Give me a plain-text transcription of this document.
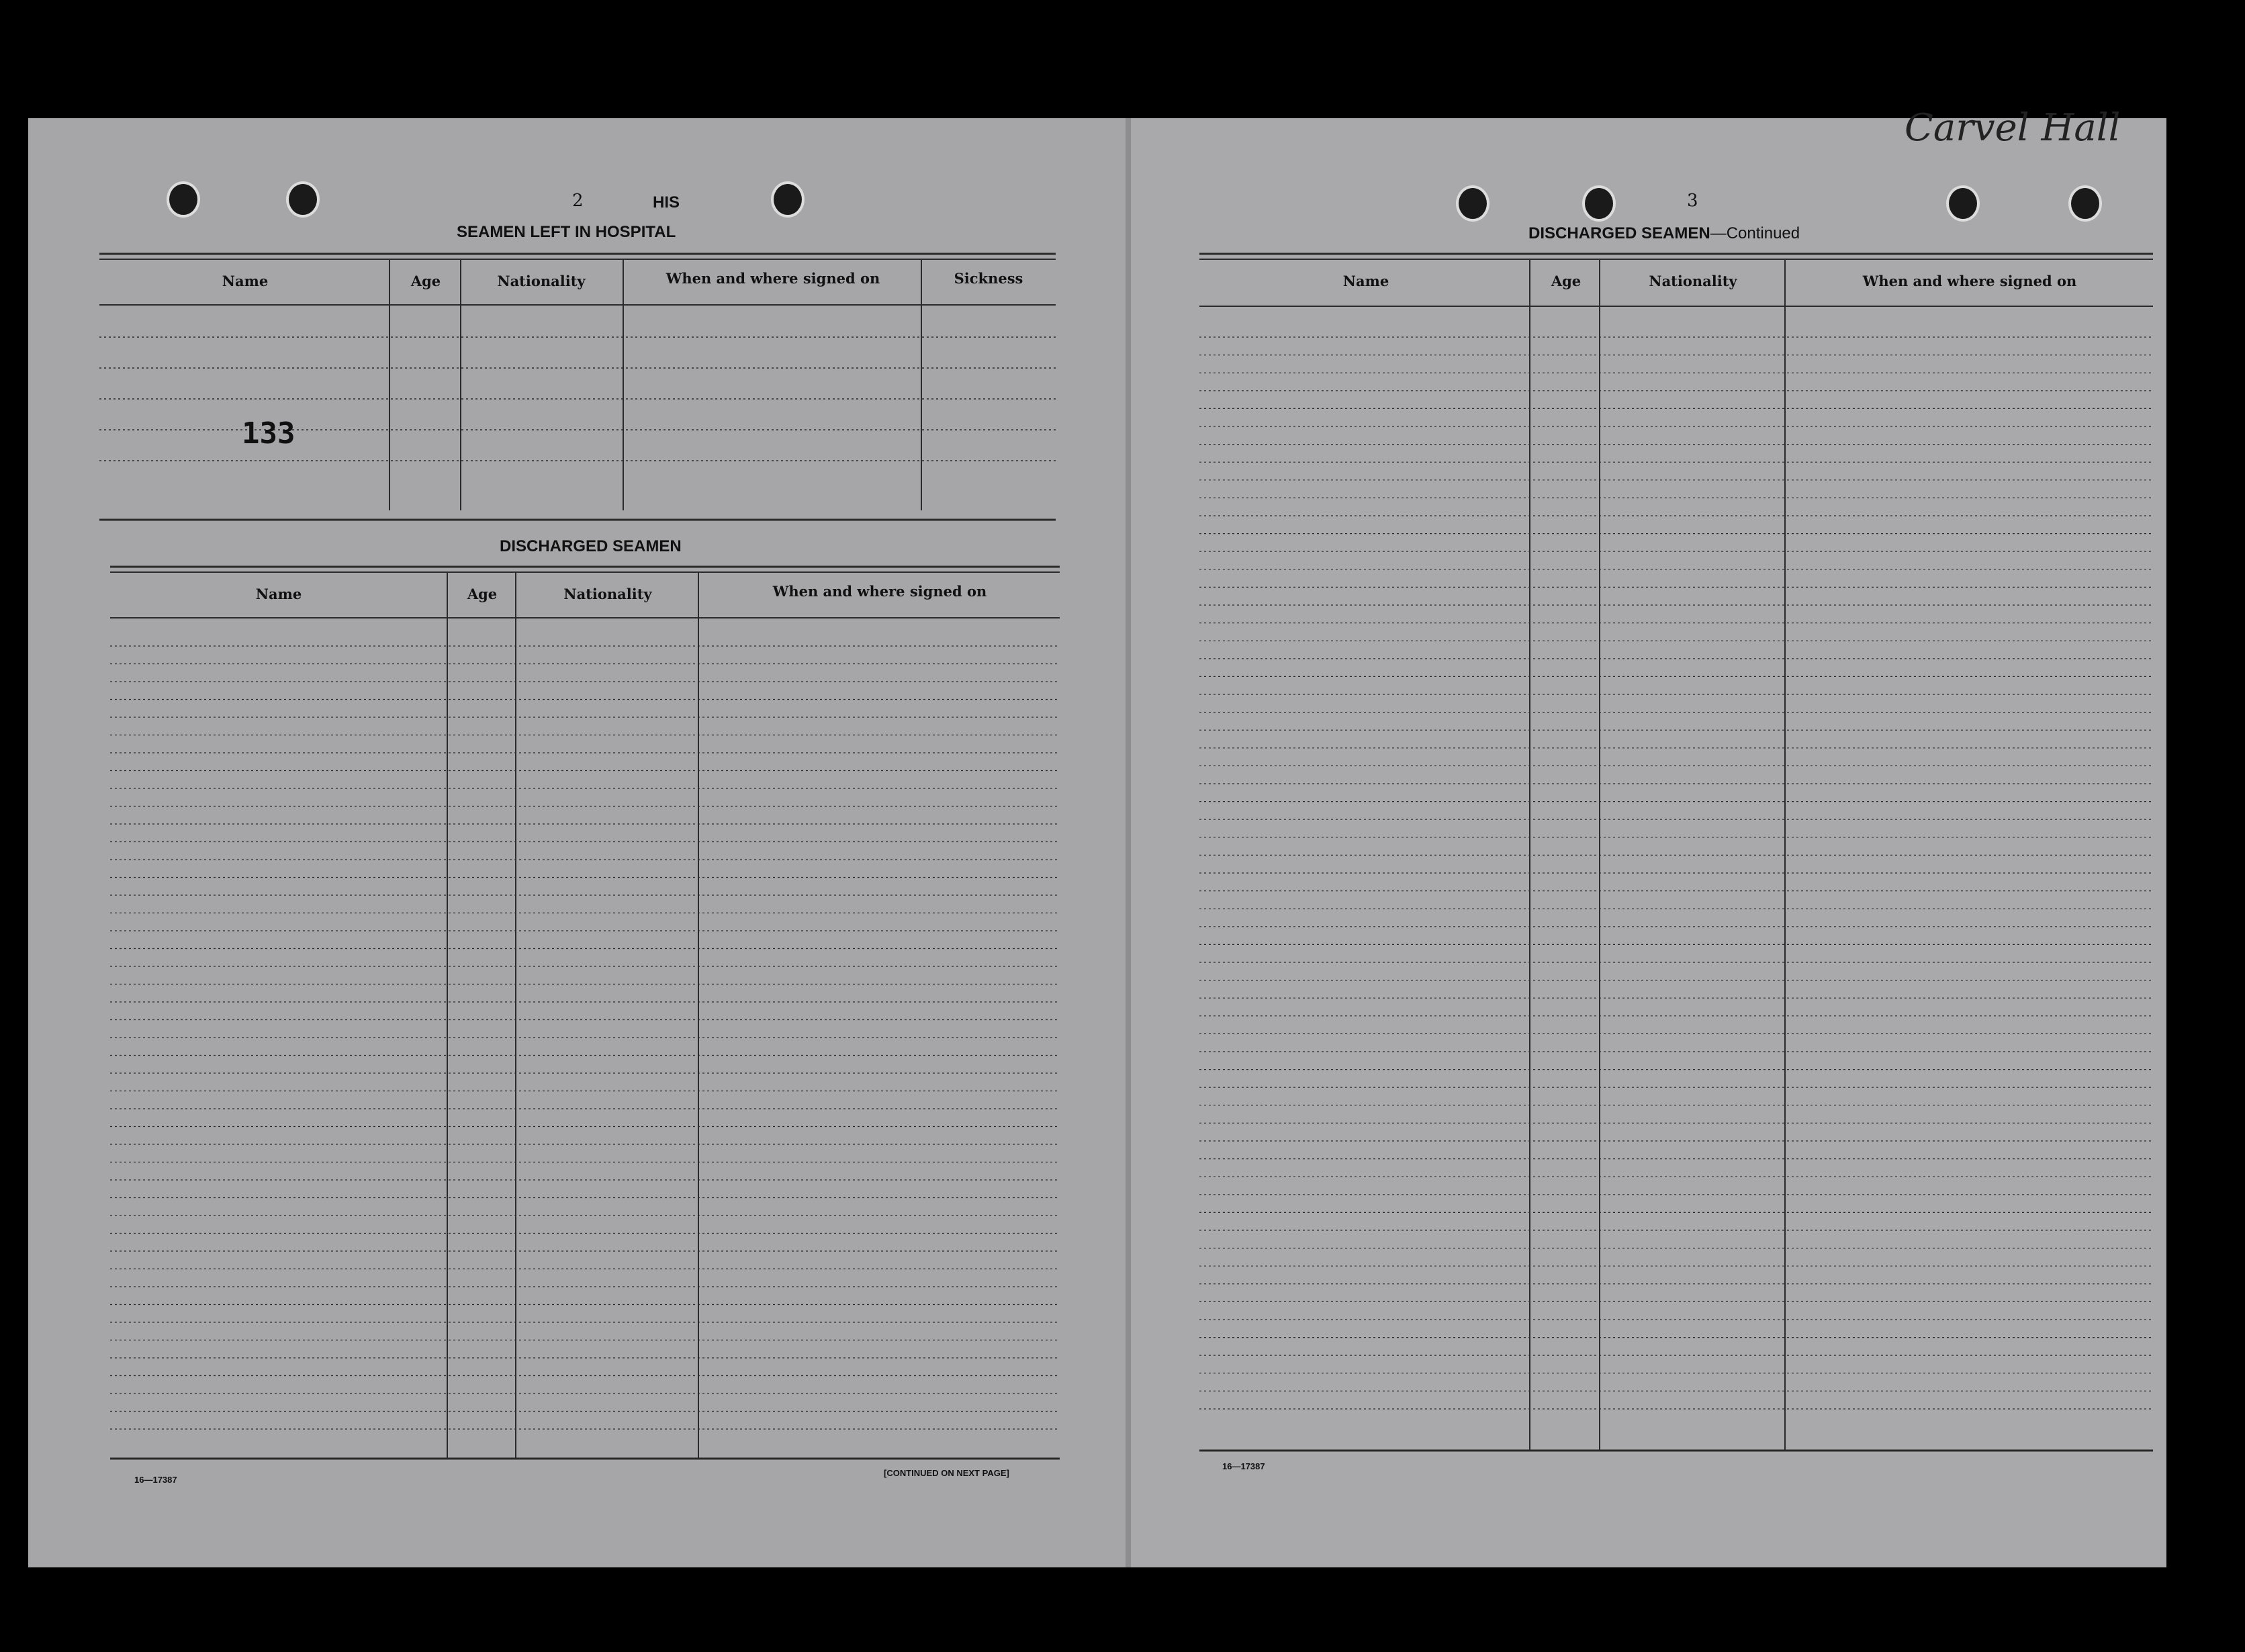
2	HIS
SEAMEN LEFT IN HOSPITAL
Name	Age	Nationality	When and where signed on	Sickness
133
DISCHARGED SEAMEN
Name	Age	Nationality	When and where signed on
16—17387
[CONTINUED ON NEXT PAGE]
Carvel Hall
3
DISCHARGED SEAMEN—Continued
Name	Age	Nationality	When and where signed on
16—17387
